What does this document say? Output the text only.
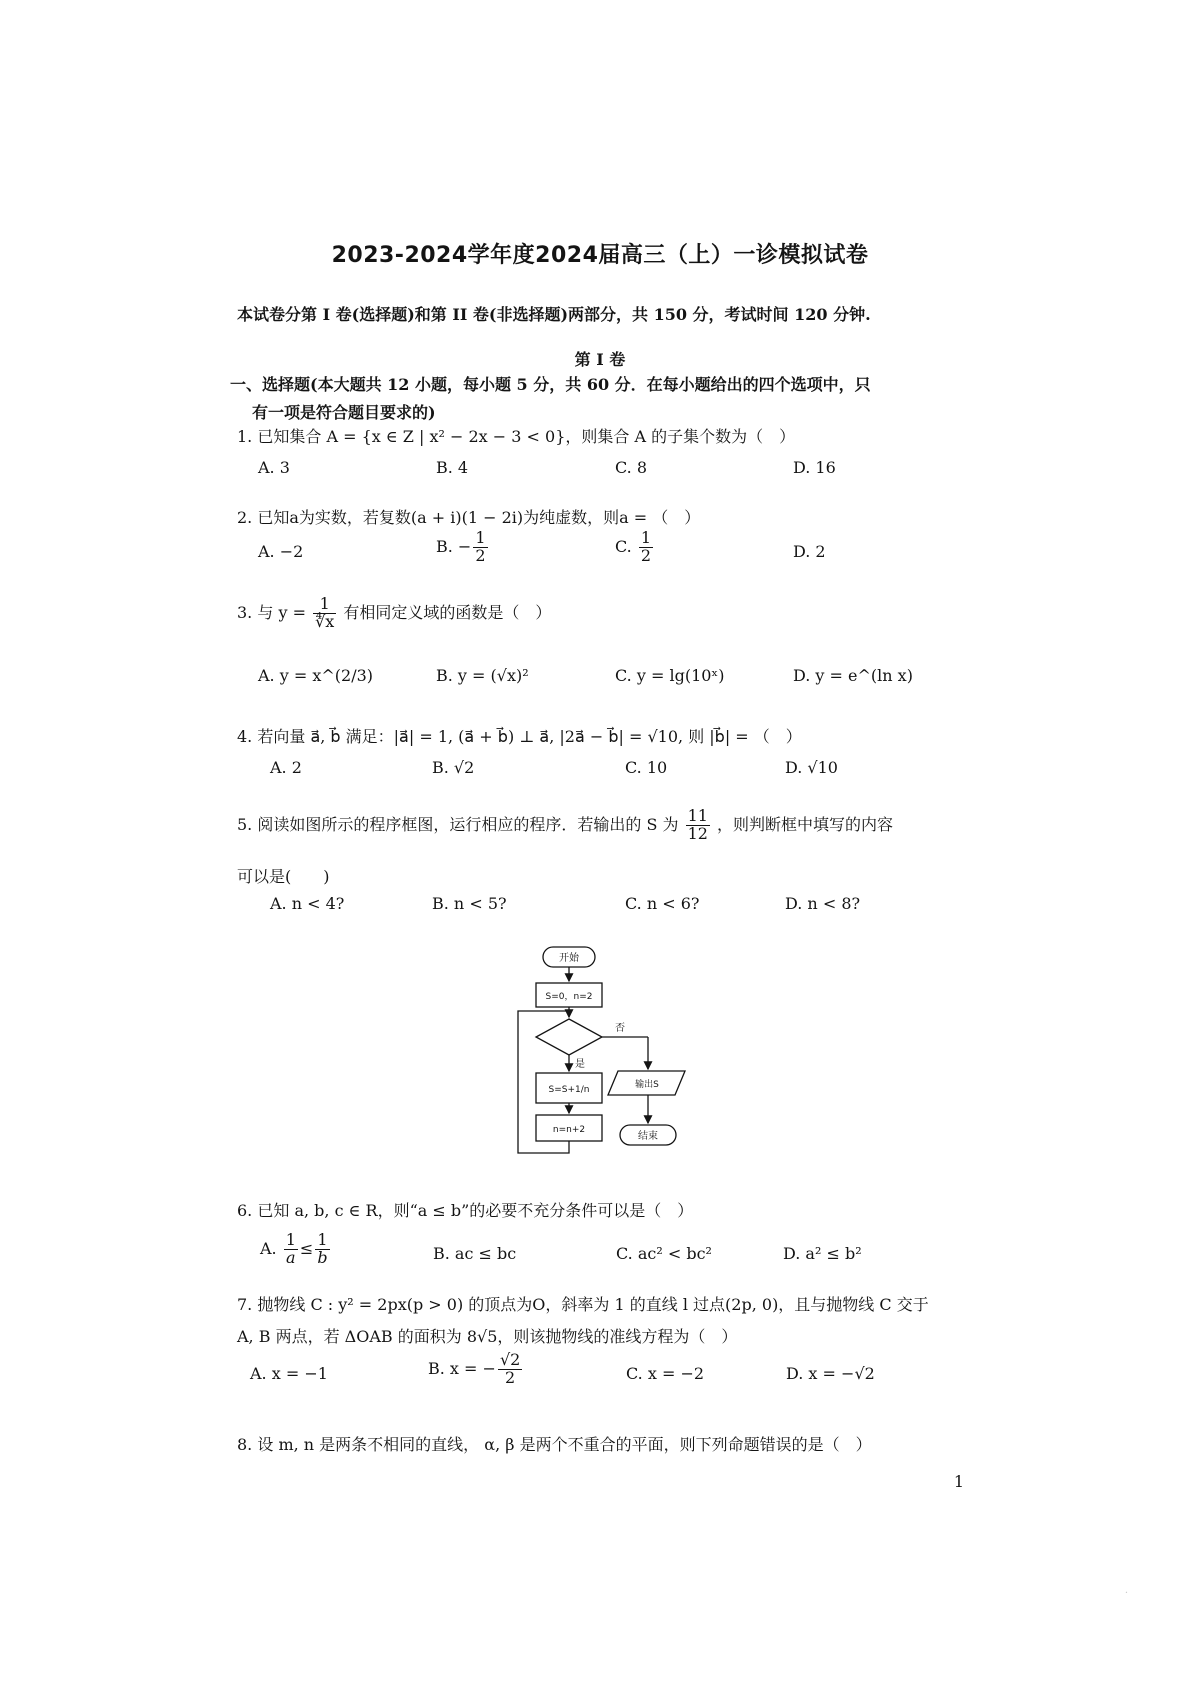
2023-2024学年度2024届高三（上）一诊模拟试卷
本试卷分第 I 卷(选择题)和第 II 卷(非选择题)两部分，共 150 分，考试时间 120 分钟.
第 I 卷
一、选择题(本大题共 12 小题，每小题 5 分，共 60 分．在每小题给出的四个选项中，只
有一项是符合题目要求的)
1. 已知集合 A = {x ∈ Z | x² − 2x − 3 < 0}，则集合 A 的子集个数为（　）
A. 3	B. 4	C. 8	D. 16
2. 已知a为实数，若复数(a + i)(1 − 2i)为纯虚数，则a = （　）
A. −2	B. − $\frac{1}{2}$	C. $\frac{1}{2}$	D. 2
3. 与 $y = \frac{1}{∜x}$ 有相同定义域的函数是（　）
A. y = x^(2/3)	B. y = (√x)²	C. y = lg(10ˣ)	D. y = e^(ln x)
4. 若向量 a⃗, b⃗ 满足：|a⃗| = 1, (a⃗ + b⃗) ⊥ a⃗, |2a⃗ − b⃗| = √10, 则 |b⃗| = （　）
A. 2	B. √2	C. 10	D. √10
5. 阅读如图所示的程序框图，运行相应的程序．若输出的 S 为 $\frac{11}{12}$ ，则判断框中填写的内容
可以是(　　)
A. n < 4?	B. n < 5?	C. n < 6?	D. n < 8?
开始
S=0，n=2
否
是
S=S+1/n	输出S
n=n+2
结束
6. 已知 a, b, c ∈ R，则“a ≤ b”的必要不充分条件可以是（　）
A. $\frac{1}{a} \le \frac{1}{b}$	B. ac ≤ bc	C. ac² < bc²	D. a² ≤ b²
7. 抛物线 C : y² = 2px(p > 0) 的顶点为O，斜率为 1 的直线 l 过点(2p, 0)，且与抛物线 C 交于
A, B 两点，若 ΔOAB 的面积为 8√5，则该抛物线的准线方程为（　）
A. x = −1	B. x = − $\frac{√2}{2}$	C. x = −2	D. x = −√2
8. 设 m, n 是两条不相同的直线， α, β 是两个不重合的平面，则下列命题错误的是（　）
1
·
